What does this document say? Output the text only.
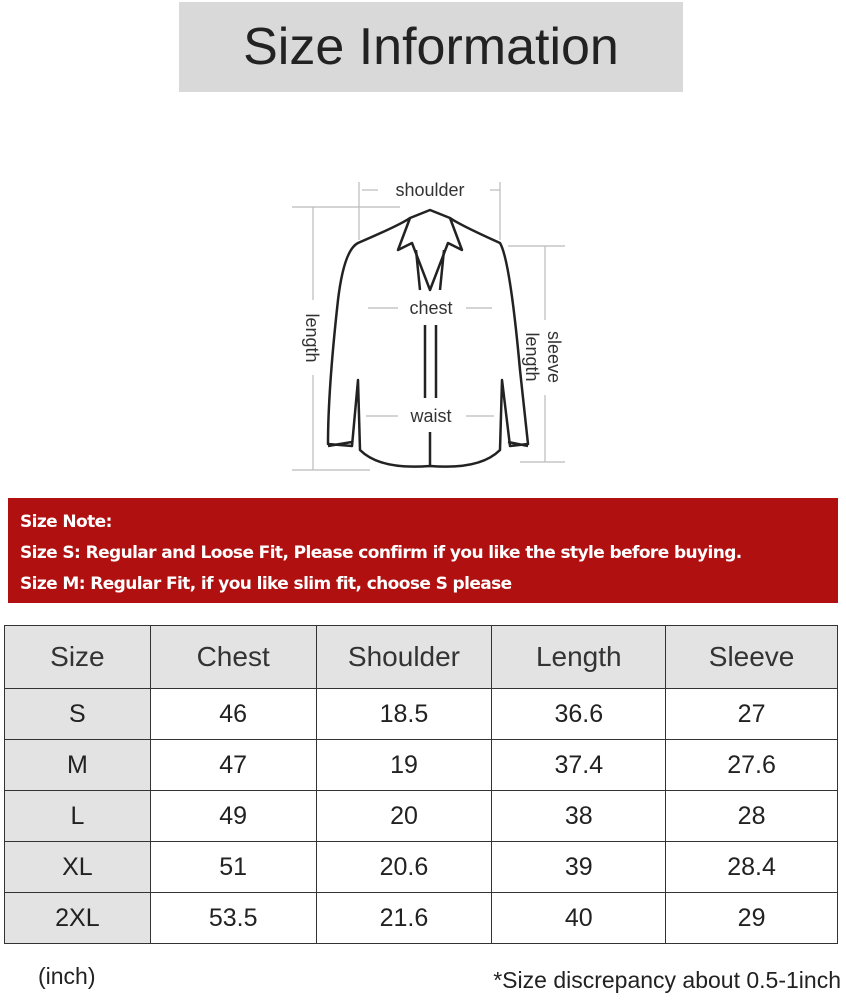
Size Information
shoulder
chest
waist
length	sleeve
length
Size Note:
Size S: Regular and Loose Fit, Please confirm if you like the style before buying.
Size M: Regular Fit, if you like slim fit, choose S please
Size	Chest	Shoulder	Length	Sleeve
S	46	18.5	36.6	27
M	47	19	37.4	27.6
L	49	20	38	28
XL	51	20.6	39	28.4
2XL	53.5	21.6	40	29
(inch)	*Size discrepancy about 0.5-1inch
